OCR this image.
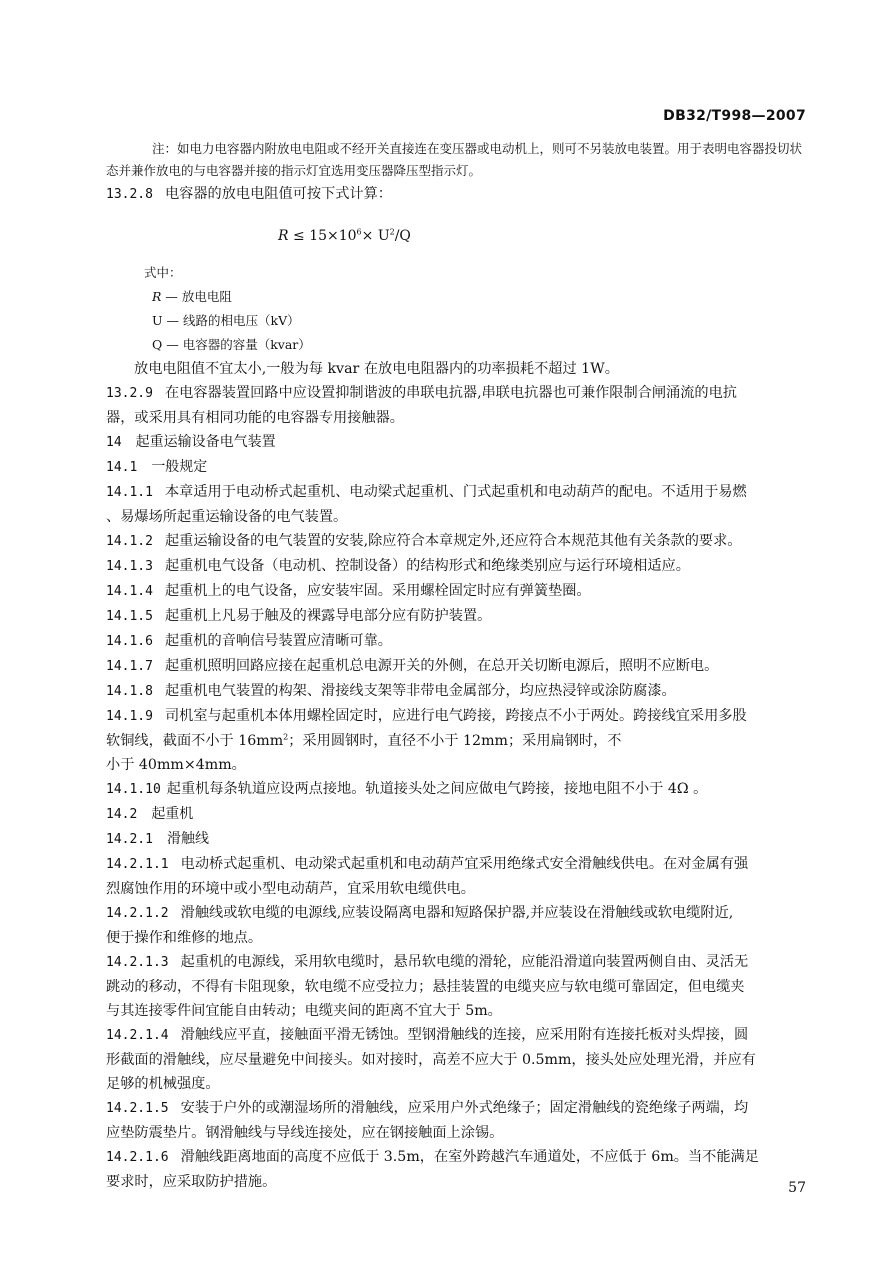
DB32/T998—2007

注：如电力电容器内附放电电阻或不经开关直接连在变压器或电动机上，则可不另装放电装置。用于表明电容器投切状态并兼作放电的与电容器并接的指示灯宜选用变压器降压型指示灯。

13.2.8 电容器的放电电阻值可按下式计算：

$R \le 15\times 10^6\times U^2/Q$

式中：

R — 放电电阻

U — 线路的相电压（kV）

Q — 电容器的容量（kvar）

放电电阻值不宜太小,一般为每 kvar 在放电电阻器内的功率损耗不超过 1W。

13.2.9 在电容器装置回路中应设置抑制谐波的串联电抗器,串联电抗器也可兼作限制合闸涌流的电抗

器，或采用具有相同功能的电容器专用接触器。

14 起重运输设备电气装置

14.1 一般规定

14.1.1 本章适用于电动桥式起重机、电动梁式起重机、门式起重机和电动葫芦的配电。不适用于易燃

、易爆场所起重运输设备的电气装置。

14.1.2 起重运输设备的电气装置的安装,除应符合本章规定外,还应符合本规范其他有关条款的要求。

14.1.3 起重机电气设备（电动机、控制设备）的结构形式和绝缘类别应与运行环境相适应。

14.1.4 起重机上的电气设备，应安装牢固。采用螺栓固定时应有弹簧垫圈。

14.1.5 起重机上凡易于触及的裸露导电部分应有防护装置。

14.1.6 起重机的音响信号装置应清晰可靠。

14.1.7 起重机照明回路应接在起重机总电源开关的外侧，在总开关切断电源后，照明不应断电。

14.1.8 起重机电气装置的构架、滑接线支架等非带电金属部分，均应热浸锌或涂防腐漆。

14.1.9 司机室与起重机本体用螺栓固定时，应进行电气跨接，跨接点不小于两处。跨接线宜采用多股

软铜线，截面不小于 $16mm^2$；采用圆钢时，直径不小于 12mm；采用扁钢时，不

小于 40mm×4mm。

14.1.10 起重机每条轨道应设两点接地。轨道接头处之间应做电气跨接，接地电阻不小于 4Ω 。

14.2 起重机

14.2.1 滑触线

14.2.1.1 电动桥式起重机、电动梁式起重机和电动葫芦宜采用绝缘式安全滑触线供电。在对金属有强

烈腐蚀作用的环境中或小型电动葫芦，宜采用软电缆供电。

14.2.1.2 滑触线或软电缆的电源线,应装设隔离电器和短路保护器,并应装设在滑触线或软电缆附近,

便于操作和维修的地点。

14.2.1.3 起重机的电源线，采用软电缆时，悬吊软电缆的滑轮，应能沿滑道向装置两侧自由、灵活无

跳动的移动，不得有卡阻现象，软电缆不应受拉力；悬挂装置的电缆夹应与软电缆可靠固定，但电缆夹

与其连接零件间宜能自由转动；电缆夹间的距离不宜大于 5m。

14.2.1.4 滑触线应平直，接触面平滑无锈蚀。型钢滑触线的连接，应采用附有连接托板对头焊接，圆

形截面的滑触线，应尽量避免中间接头。如对接时，高差不应大于 0.5mm，接头处应处理光滑，并应有

足够的机械强度。

14.2.1.5 安装于户外的或潮湿场所的滑触线，应采用户外式绝缘子；固定滑触线的瓷绝缘子两端，均

应垫防震垫片。钢滑触线与导线连接处，应在钢接触面上涂锡。

14.2.1.6 滑触线距离地面的高度不应低于 3.5m，在室外跨越汽车通道处，不应低于 6m。当不能满足

要求时，应采取防护措施。	57
